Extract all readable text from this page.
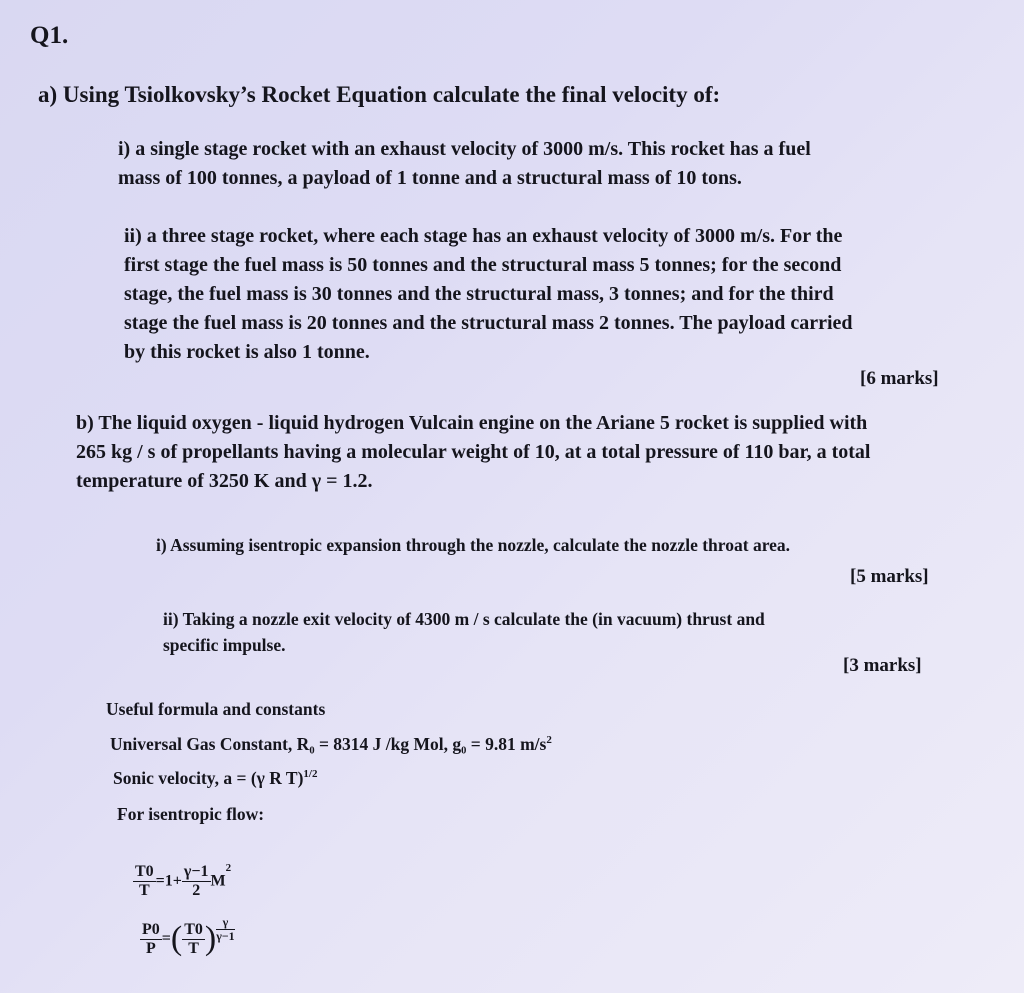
Q1.
a) Using Tsiolkovsky’s Rocket Equation calculate the final velocity of:
i) a single stage rocket with an exhaust velocity of 3000 m/s. This rocket has a fuel
mass of 100 tonnes, a payload of 1 tonne and a structural mass of 10 tons.
ii) a three stage rocket, where each stage has an exhaust velocity of 3000 m/s. For the
first stage the fuel mass is 50 tonnes and the structural mass 5 tonnes; for the second
stage, the fuel mass is 30 tonnes and the structural mass, 3 tonnes; and for the third
stage the fuel mass is 20 tonnes and the structural mass 2 tonnes. The payload carried
by this rocket is also 1 tonne.
[6 marks]
b) The liquid oxygen - liquid hydrogen Vulcain engine on the Ariane 5 rocket is supplied with
265 kg / s of propellants having a molecular weight of 10, at a total pressure of 110 bar, a total
temperature of 3250 K and γ = 1.2.
i) Assuming isentropic expansion through the nozzle, calculate the nozzle throat area.
[5 marks]
ii) Taking a nozzle exit velocity of 4300 m / s calculate the (in vacuum) thrust and
specific impulse.
[3 marks]
Useful formula and constants
Universal Gas Constant, R₀ = 8314 J /kg Mol, g₀ = 9.81 $m/s^2$
Sonic velocity, a = (γ R T)$^{1/2}$
For isentropic flow:
$\frac{T0}{T} =1+ \frac{\gamma-1}{2} M^2$
$\frac{P0}{P}$ =( $\frac{T0}{T}$ ) $\frac{\gamma}{\gamma-1}$
